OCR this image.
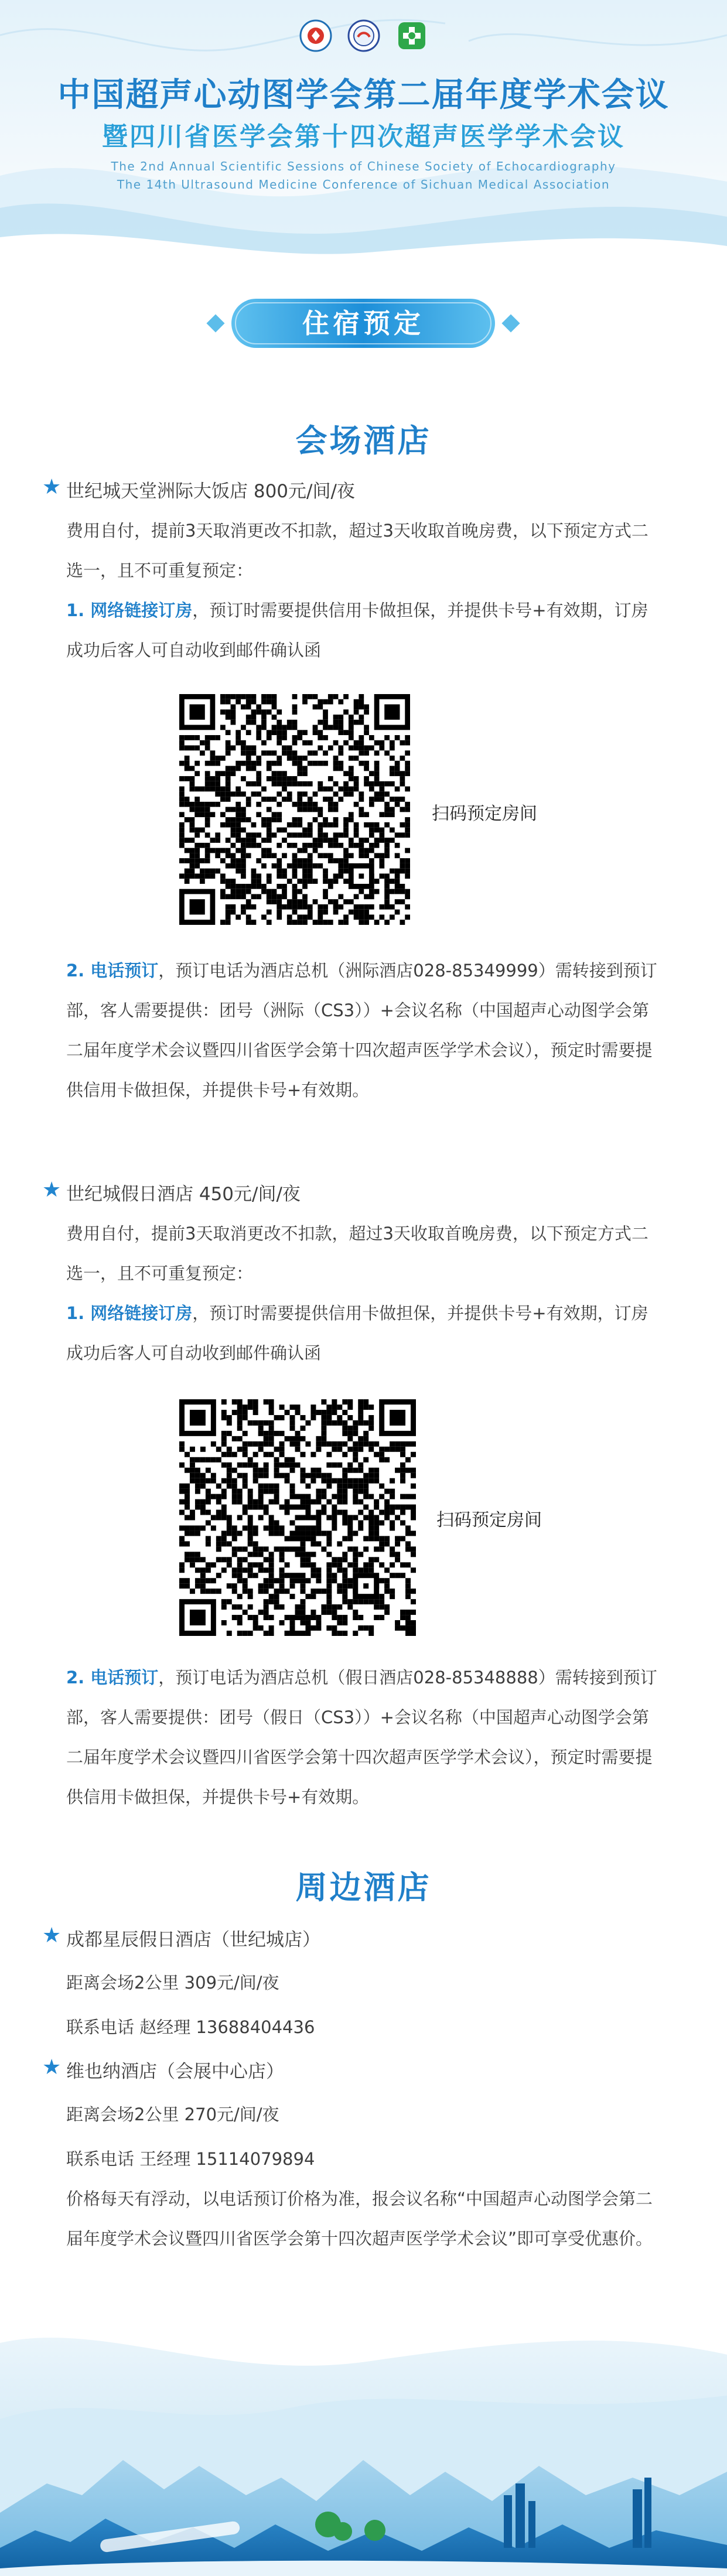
中国超声心动图学会第二届年度学术会议
暨四川省医学会第十四次超声医学学术会议
The 2nd Annual Scientific Sessions of Chinese Society of Echocardiography
The 14th Ultrasound Medicine Conference of Sichuan Medical Association
住宿预定
会场酒店
★ 世纪城天堂洲际大饭店 800元/间/夜
费用自付，提前3天取消更改不扣款，超过3天收取首晚房费，以下预定方式二选一，且不可重复预定：
1. 网络链接订房，预订时需要提供信用卡做担保，并提供卡号+有效期，订房成功后客人可自动收到邮件确认函
扫码预定房间
2. 电话预订，预订电话为酒店总机（洲际酒店028-85349999）需转接到预订部，客人需要提供：团号（洲际（CS3））+会议名称（中国超声心动图学会第二届年度学术会议暨四川省医学会第十四次超声医学学术会议），预定时需要提供信用卡做担保，并提供卡号+有效期。
★ 世纪城假日酒店 450元/间/夜
费用自付，提前3天取消更改不扣款，超过3天收取首晚房费，以下预定方式二选一，且不可重复预定：
1. 网络链接订房，预订时需要提供信用卡做担保，并提供卡号+有效期，订房成功后客人可自动收到邮件确认函
扫码预定房间
2. 电话预订，预订电话为酒店总机（假日酒店028-85348888）需转接到预订部，客人需要提供：团号（假日（CS3））+会议名称（中国超声心动图学会第二届年度学术会议暨四川省医学会第十四次超声医学学术会议），预定时需要提供信用卡做担保，并提供卡号+有效期。
周边酒店
★ 成都星辰假日酒店（世纪城店）
距离会场2公里 309元/间/夜
联系电话 赵经理 13688404436
★ 维也纳酒店（会展中心店）
距离会场2公里 270元/间/夜
联系电话 王经理 15114079894
价格每天有浮动，以电话预订价格为准，报会议名称“中国超声心动图学会第二届年度学术会议暨四川省医学会第十四次超声医学学术会议”即可享受优惠价。
